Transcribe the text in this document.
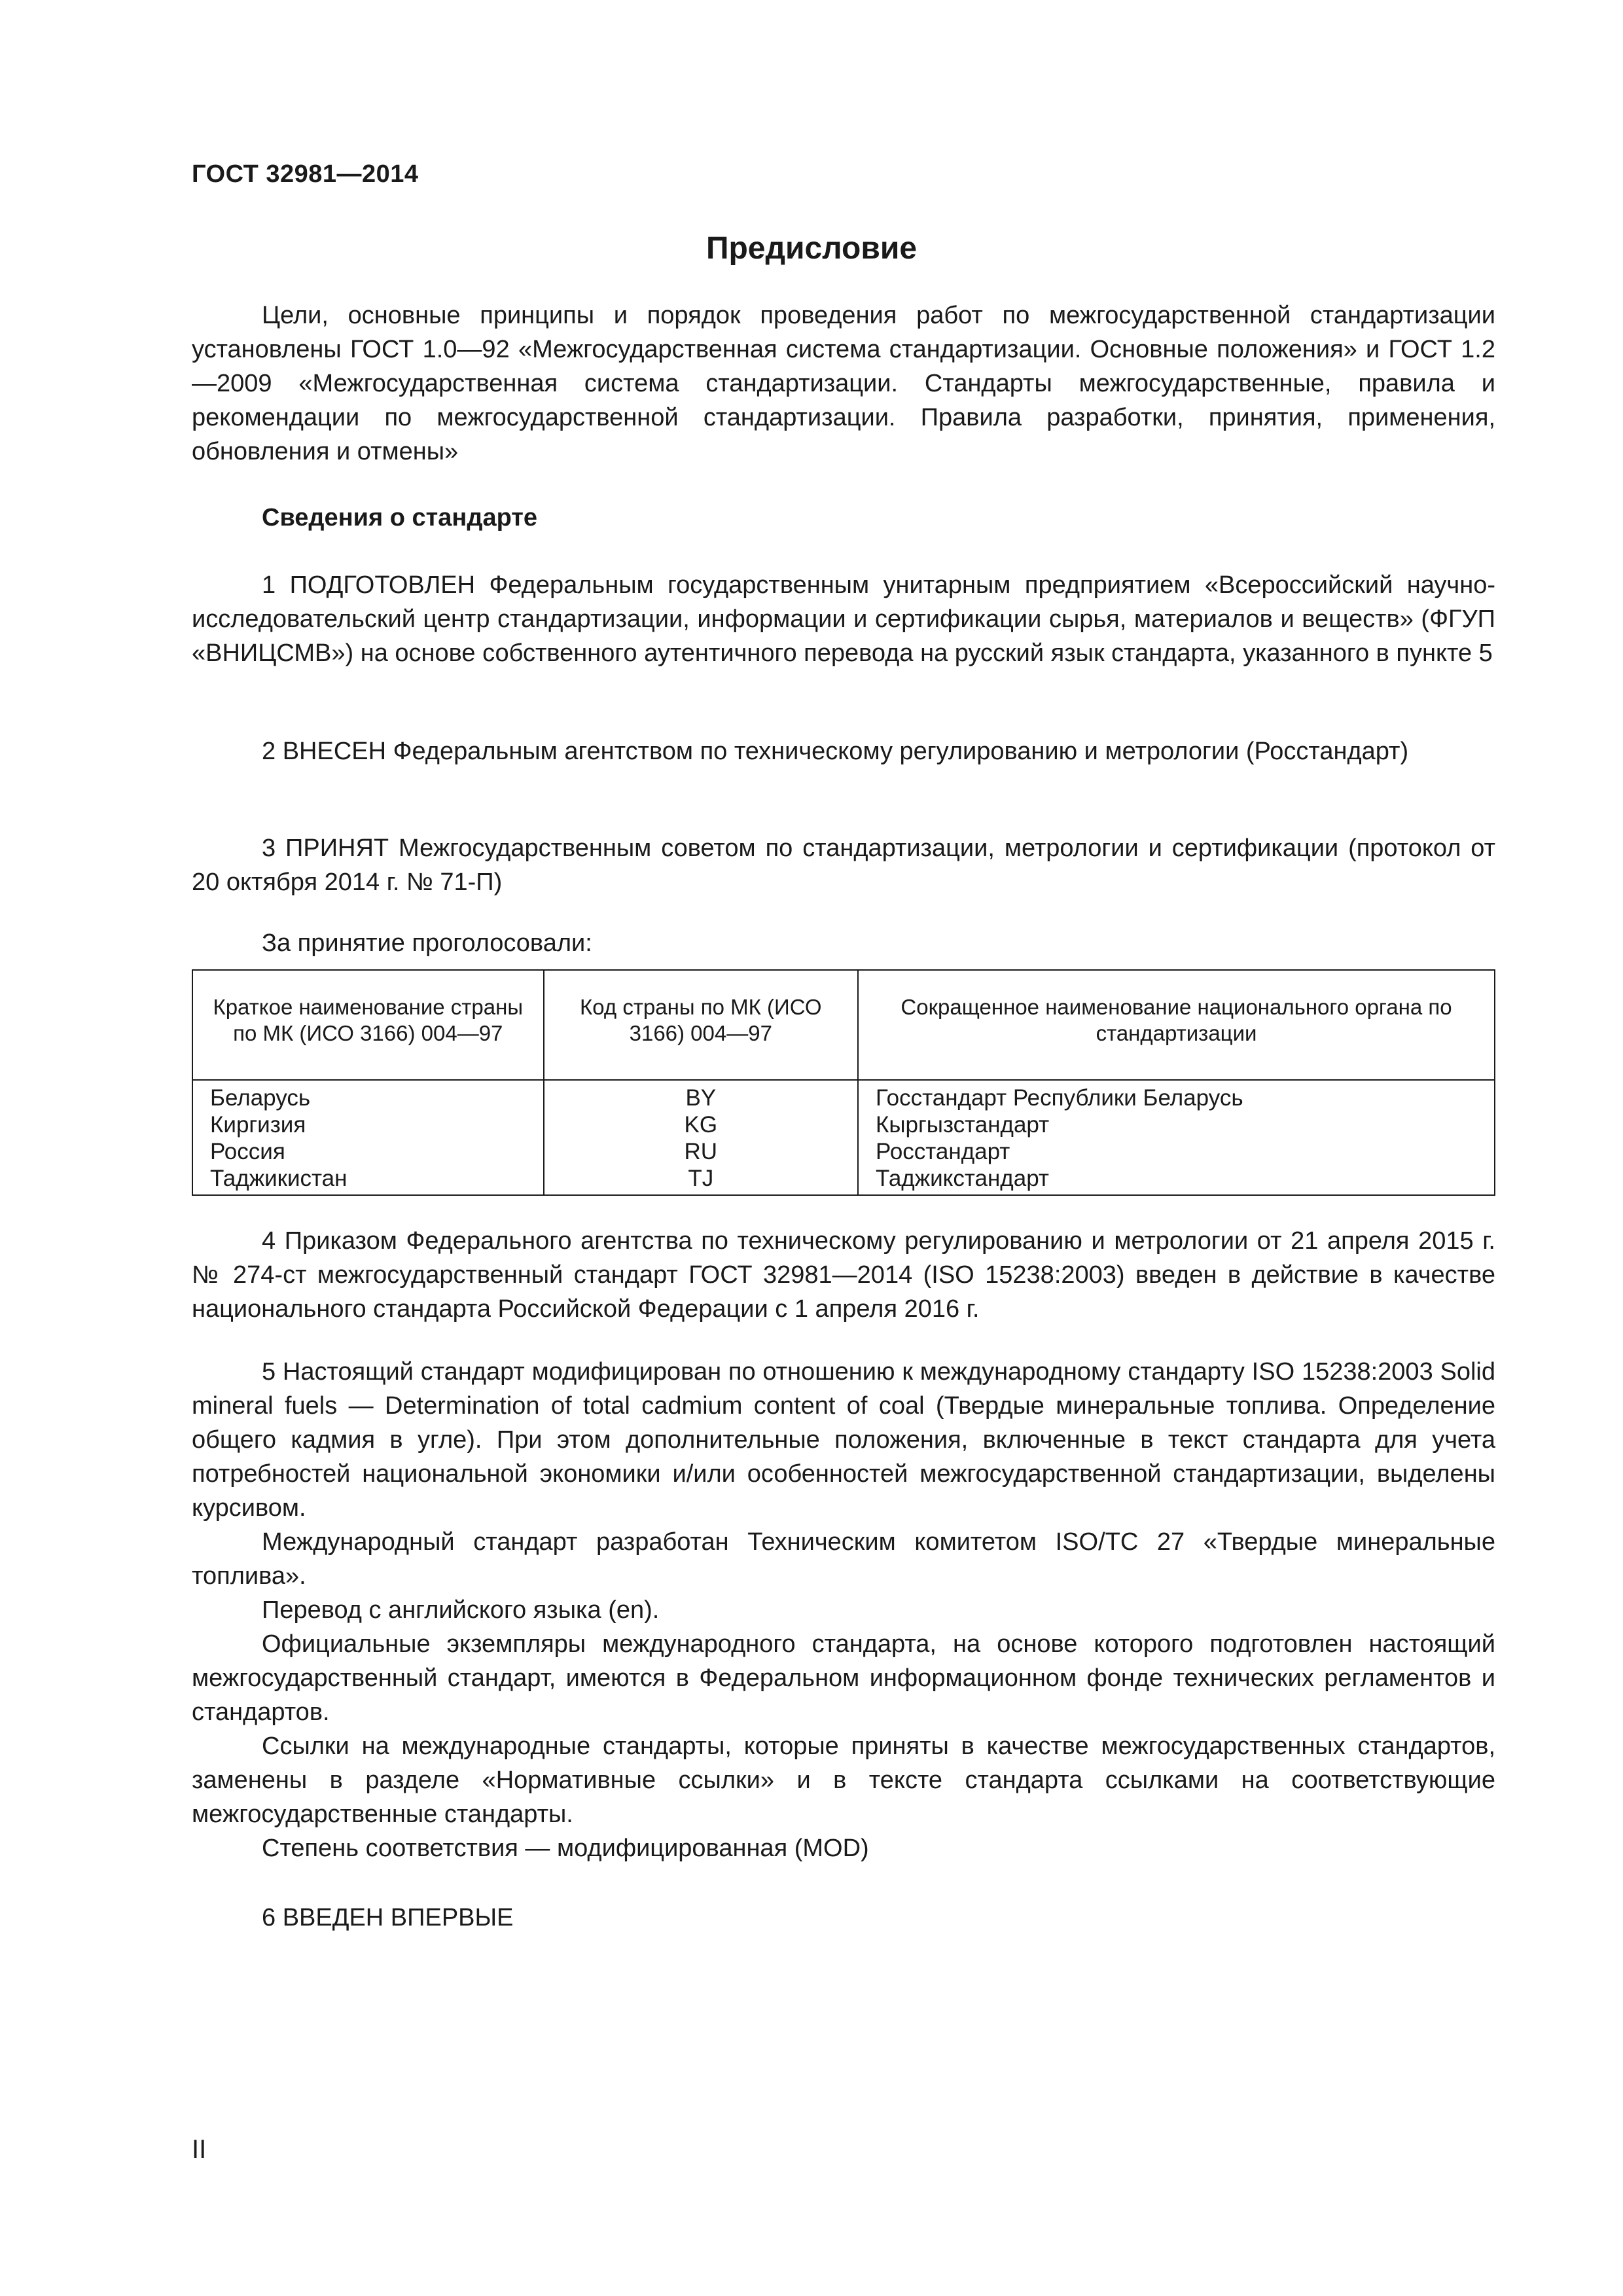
ГОСТ 32981—2014
Предисловие

Цели, основные принципы и порядок проведения работ по межгосударственной стандартизации установлены ГОСТ 1.0—92 «Межгосударственная система стандартизации. Основные положения» и ГОСТ 1.2—2009 «Межгосударственная система стандартизации. Стандарты межгосударственные, правила и рекомендации по межгосударственной стандартизации. Правила разработки, принятия, применения, обновления и отмены»

Сведения о стандарте

1 ПОДГОТОВЛЕН Федеральным государственным унитарным предприятием «Всероссийский научно-исследовательский центр стандартизации, информации и сертификации сырья, материалов и веществ» (ФГУП «ВНИЦСМВ») на основе собственного аутентичного перевода на русский язык стандарта, указанного в пункте 5

2 ВНЕСЕН Федеральным агентством по техническому регулированию и метрологии (Росстандарт)

3 ПРИНЯТ Межгосударственным советом по стандартизации, метрологии и сертификации (протокол от 20 октября 2014 г. № 71-П)

За принятие проголосовали:
Краткое наименование страны по МК (ИСО 3166) 004—97	Код страны по МК (ИСО 3166) 004—97	Сокращенное наименование национального органа по стандартизации

Беларусь
Киргизия
Россия
Таджикистан	BY
KG
RU
TJ	Госстандарт Республики Беларусь
Кыргызстандарт
Росстандарт
Таджикстандарт

4 Приказом Федерального агентства по техническому регулированию и метрологии от 21 апреля 2015 г. № 274-ст межгосударственный стандарт ГОСТ 32981—2014 (ISO 15238:2003) введен в действие в качестве национального стандарта Российской Федерации с 1 апреля 2016 г.

5 Настоящий стандарт модифицирован по отношению к международному стандарту ISO 15238:2003 Solid mineral fuels — Determination of total cadmium content of coal (Твердые минеральные топлива. Определение общего кадмия в угле). При этом дополнительные положения, включенные в текст стандарта для учета потребностей национальной экономики и/или особенностей межгосударственной стандартизации, выделены курсивом.

Международный стандарт разработан Техническим комитетом ISO/TC 27 «Твердые минеральные топлива».

Перевод с английского языка (en).

Официальные экземпляры международного стандарта, на основе которого подготовлен настоящий межгосударственный стандарт, имеются в Федеральном информационном фонде технических регламентов и стандартов.

Ссылки на международные стандарты, которые приняты в качестве межгосударственных стандартов, заменены в разделе «Нормативные ссылки» и в тексте стандарта ссылками на соответствующие межгосударственные стандарты.

Степень соответствия — модифицированная (MOD)

6 ВВЕДЕН ВПЕРВЫЕ

II
